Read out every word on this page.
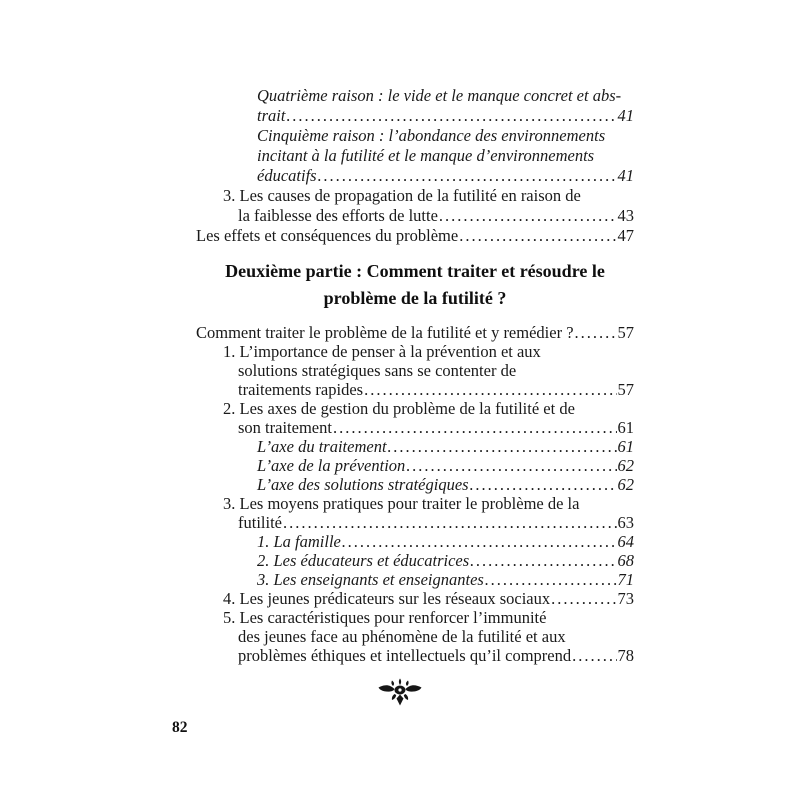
Quatrième raison : le vide et le manque concret et abs-
trait .....	41
Cinquième raison : l’abondance des environnements
incitant à la futilité et le manque d’environnements
éducatifs .....	41
3. Les causes de propagation de la futilité en raison de
la faiblesse des efforts de lutte .....	43
Les effets et conséquences du problème .....	47
Deuxième partie : Comment traiter et résoudre le
problème de la futilité ?
Comment traiter le problème de la futilité et y remédier ? .....	57
1. L’importance de penser à la prévention et aux
solutions stratégiques sans se contenter de
traitements rapides .....	57
2. Les axes de gestion du problème de la futilité et de
son traitement .....	61
L’axe du traitement .....	61
L’axe de la prévention .....	62
L’axe des solutions stratégiques .....	62
3. Les moyens pratiques pour traiter le problème de la
futilité .....	63
1. La famille .....	64
2. Les éducateurs et éducatrices .....	68
3. Les enseignants et enseignantes .....	71
4. Les jeunes prédicateurs sur les réseaux sociaux .....	73
5. Les caractéristiques pour renforcer l’immunité
des jeunes face au phénomène de la futilité et aux
problèmes éthiques et intellectuels qu’il comprend .....	78
82
